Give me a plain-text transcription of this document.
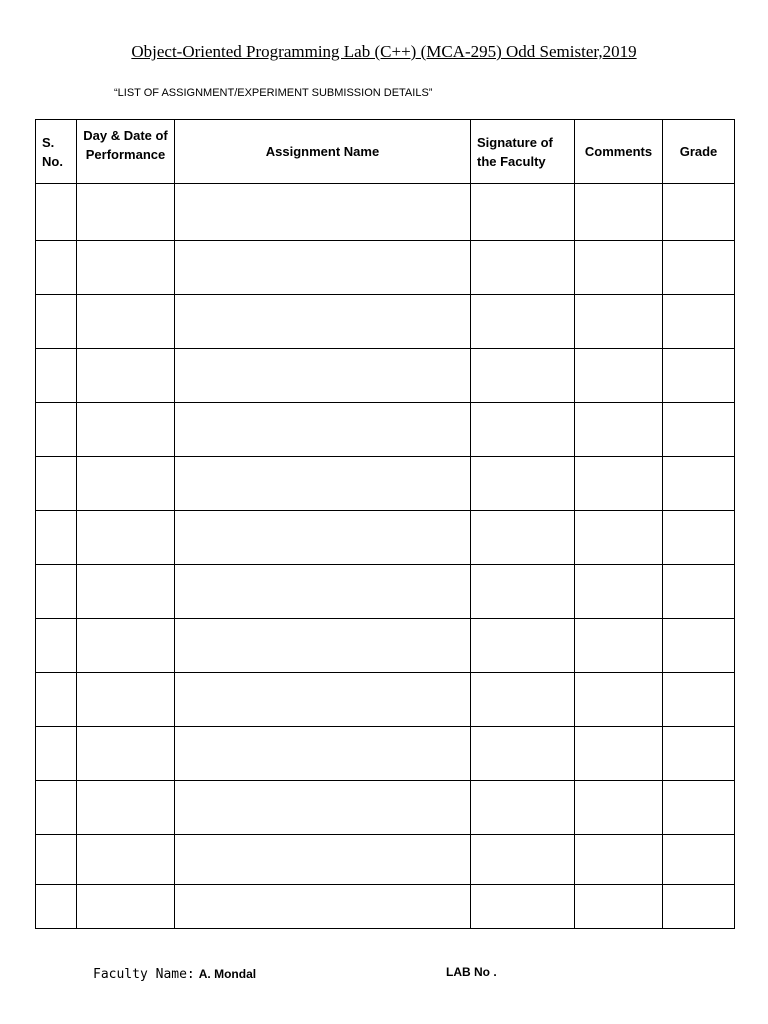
Object-Oriented Programming Lab (C++) (MCA-295) Odd Semister,2019
“LIST OF ASSIGNMENT/EXPERIMENT SUBMISSION DETAILS”
S. No.	Day & Date of Performance	Assignment Name	Signature of the Faculty	Comments	Grade

Faculty Name: A. Mondal	LAB No .
